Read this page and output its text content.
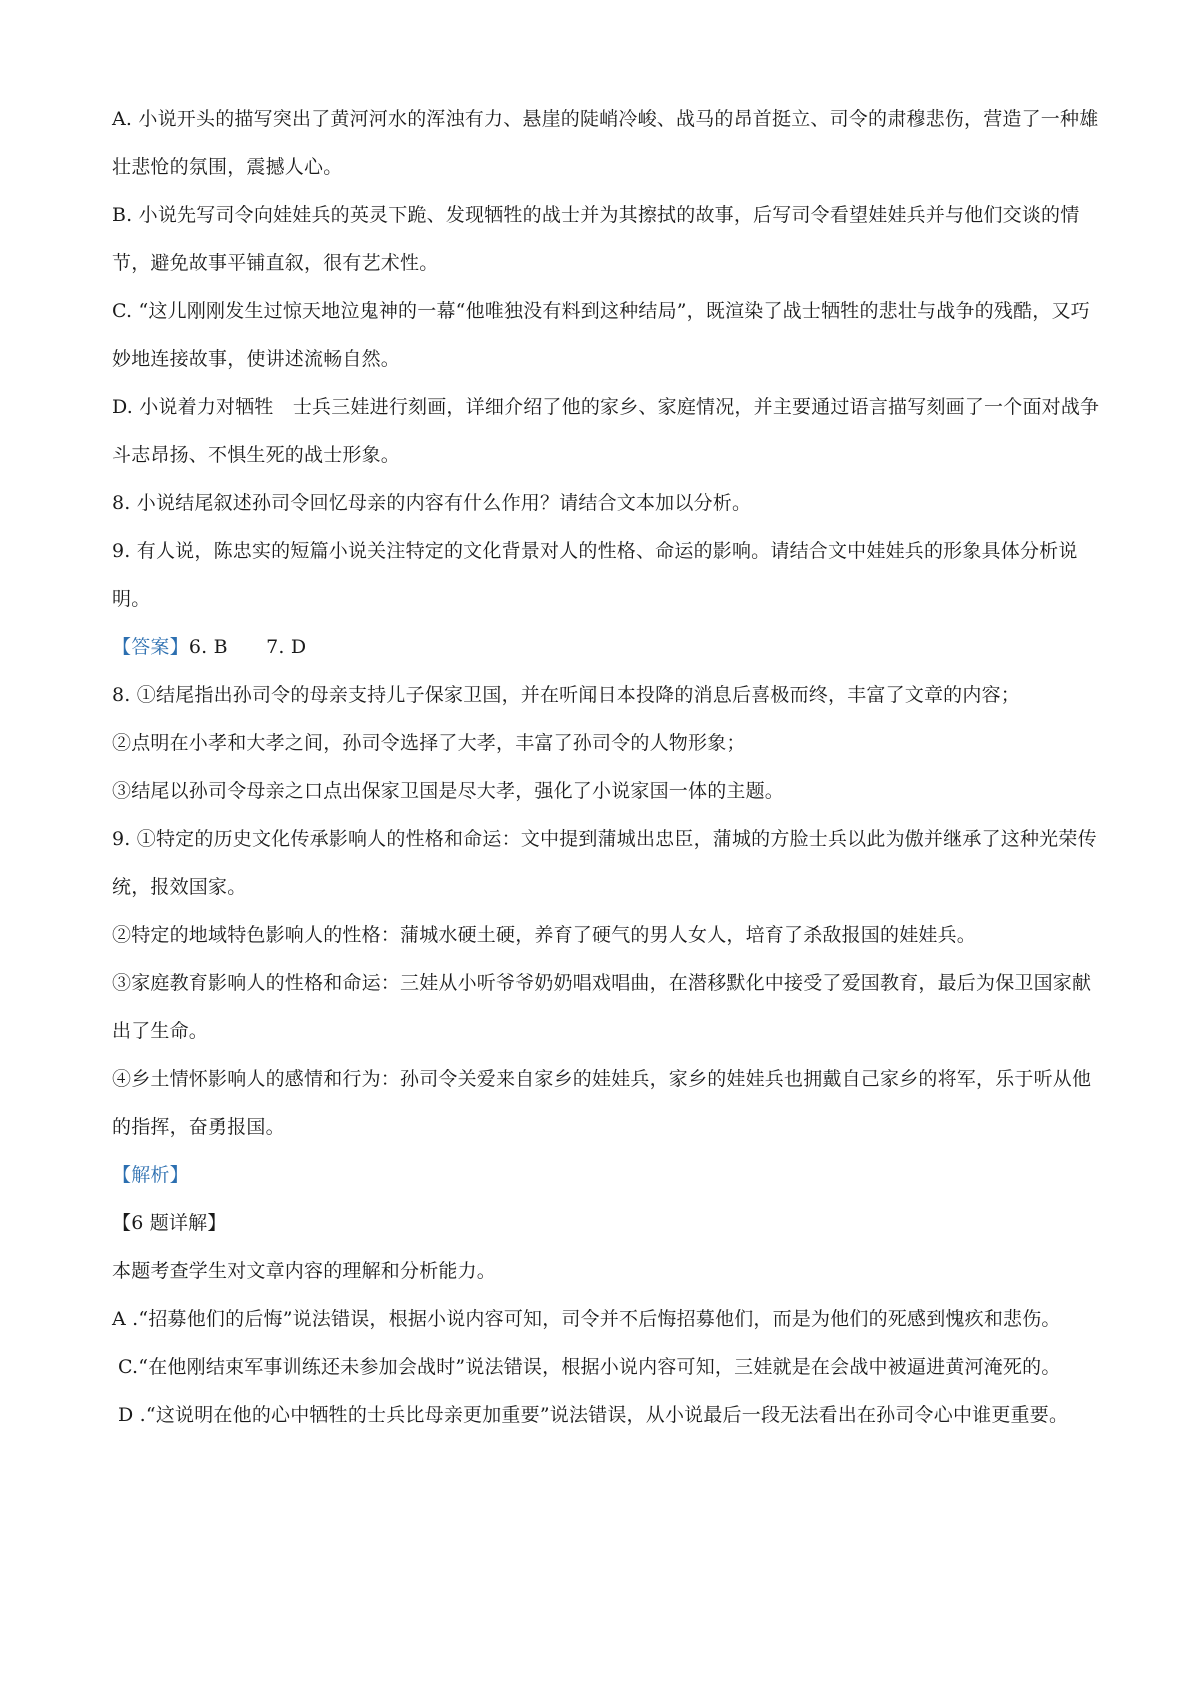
A. 小说开头的描写突出了黄河河水的浑浊有力、悬崖的陡峭冷峻、战马的昂首挺立、司令的肃穆悲伤，营造了一种雄壮悲怆的氛围，震撼人心。

B. 小说先写司令向娃娃兵的英灵下跪、发现牺牲的战士并为其擦拭的故事，后写司令看望娃娃兵并与他们交谈的情节，避免故事平铺直叙，很有艺术性。

C. “这儿刚刚发生过惊天地泣鬼神的一幕“他唯独没有料到这种结局”，既渲染了战士牺牲的悲壮与战争的残酷，又巧妙地连接故事，使讲述流畅自然。

D. 小说着力对牺牲　士兵三娃进行刻画，详细介绍了他的家乡、家庭情况，并主要通过语言描写刻画了一个面对战争斗志昂扬、不惧生死的战士形象。

8. 小说结尾叙述孙司令回忆母亲的内容有什么作用？请结合文本加以分析。

9. 有人说，陈忠实的短篇小说关注特定的文化背景对人的性格、命运的影响。请结合文中娃娃兵的形象具体分析说明。

【答案】6. B　　7. D

8. ①结尾指出孙司令的母亲支持儿子保家卫国，并在听闻日本投降的消息后喜极而终，丰富了文章的内容；

②点明在小孝和大孝之间，孙司令选择了大孝，丰富了孙司令的人物形象；

③结尾以孙司令母亲之口点出保家卫国是尽大孝，强化了小说家国一体的主题。

9. ①特定的历史文化传承影响人的性格和命运：文中提到蒲城出忠臣，蒲城的方脸士兵以此为傲并继承了这种光荣传统，报效国家。

②特定的地域特色影响人的性格：蒲城水硬土硬，养育了硬气的男人女人，培育了杀敌报国的娃娃兵。

③家庭教育影响人的性格和命运：三娃从小听爷爷奶奶唱戏唱曲，在潜移默化中接受了爱国教育，最后为保卫国家献出了生命。

④乡土情怀影响人的感情和行为：孙司令关爱来自家乡的娃娃兵，家乡的娃娃兵也拥戴自己家乡的将军，乐于听从他的指挥，奋勇报国。

【解析】

【6 题详解】

本题考查学生对文章内容的理解和分析能力。

A .“招募他们的后悔”说法错误，根据小说内容可知，司令并不后悔招募他们，而是为他们的死感到愧疚和悲伤。

C.“在他刚结束军事训练还未参加会战时”说法错误，根据小说内容可知，三娃就是在会战中被逼进黄河淹死的。

D .“这说明在他的心中牺牲的士兵比母亲更加重要”说法错误，从小说最后一段无法看出在孙司令心中谁更重要。
